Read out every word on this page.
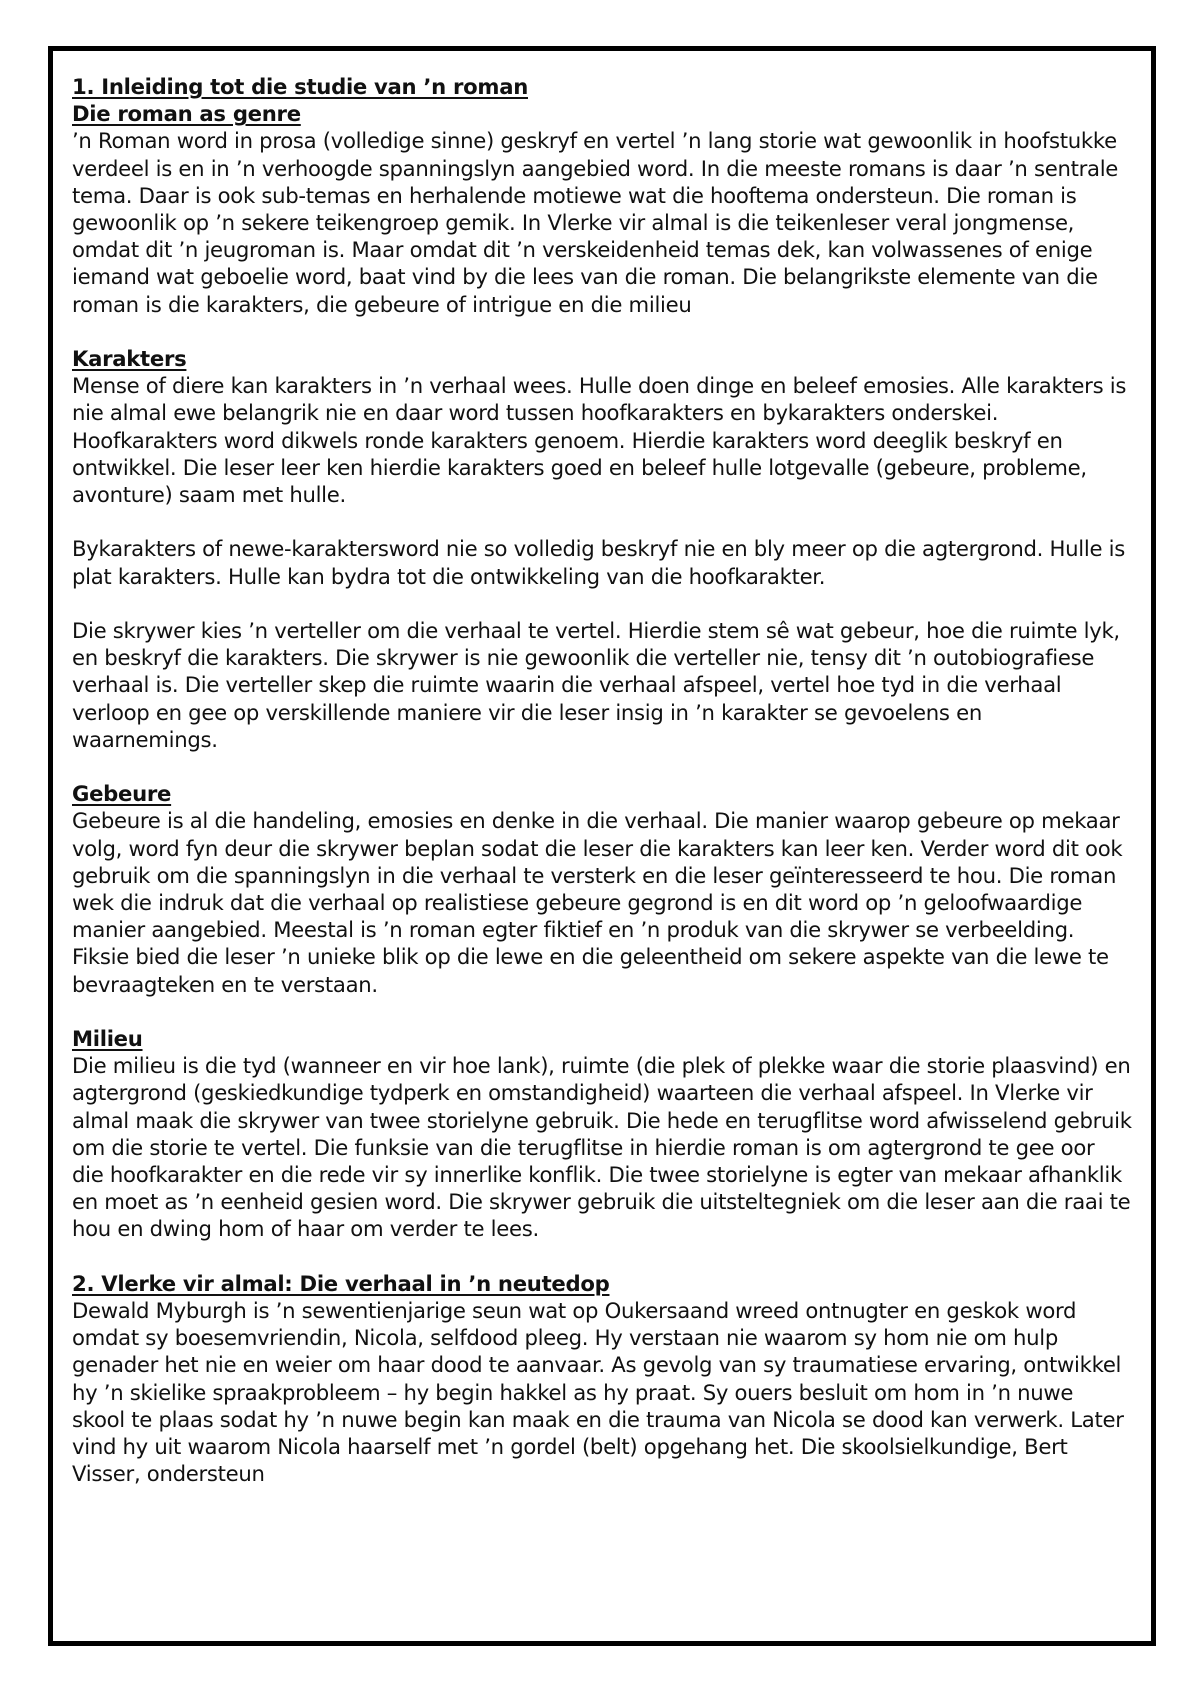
1. Inleiding tot die studie van ’n roman

Die roman as genre

’n Roman word in prosa (volledige sinne) geskryf en vertel ’n lang storie wat gewoonlik in hoofstukke verdeel is en in ’n verhoogde spanningslyn aangebied word. In die meeste romans is daar ’n sentrale tema. Daar is ook sub-temas en herhalende motiewe wat die hooftema ondersteun. Die roman is gewoonlik op ’n sekere teikengroep gemik. In Vlerke vir almal is die teikenleser veral jongmense, omdat dit ’n jeugroman is. Maar omdat dit ’n verskeidenheid temas dek, kan volwassenes of enige iemand wat geboelie word, baat vind by die lees van die roman. Die belangrikste elemente van die roman is die karakters, die gebeure of intrigue en die milieu

Karakters

Mense of diere kan karakters in ’n verhaal wees. Hulle doen dinge en beleef emosies. Alle karakters is nie almal ewe belangrik nie en daar word tussen hoofkarakters en bykarakters onderskei. Hoofkarakters word dikwels ronde karakters genoem. Hierdie karakters word deeglik beskryf en ontwikkel. Die leser leer ken hierdie karakters goed en beleef hulle lotgevalle (gebeure, probleme, avonture) saam met hulle.

Bykarakters of newe-karaktersword nie so volledig beskryf nie en bly meer op die agtergrond. Hulle is plat karakters. Hulle kan bydra tot die ontwikkeling van die hoofkarakter.

Die skrywer kies ’n verteller om die verhaal te vertel. Hierdie stem sê wat gebeur, hoe die ruimte lyk, en beskryf die karakters. Die skrywer is nie gewoonlik die verteller nie, tensy dit ’n outobiografiese verhaal is. Die verteller skep die ruimte waarin die verhaal afspeel, vertel hoe tyd in die verhaal verloop en gee op verskillende maniere vir die leser insig in ’n karakter se gevoelens en waarnemings.

Gebeure

Gebeure is al die handeling, emosies en denke in die verhaal. Die manier waarop gebeure op mekaar volg, word fyn deur die skrywer beplan sodat die leser die karakters kan leer ken. Verder word dit ook gebruik om die spanningslyn in die verhaal te versterk en die leser geïnteresseerd te hou. Die roman wek die indruk dat die verhaal op realistiese gebeure gegrond is en dit word op ’n geloofwaardige manier aangebied. Meestal is ’n roman egter fiktief en ’n produk van die skrywer se verbeelding. Fiksie bied die leser ’n unieke blik op die lewe en die geleentheid om sekere aspekte van die lewe te bevraagteken en te verstaan.

Milieu

Die milieu is die tyd (wanneer en vir hoe lank), ruimte (die plek of plekke waar die storie plaasvind) en agtergrond (geskiedkundige tydperk en omstandigheid) waarteen die verhaal afspeel. In Vlerke vir almal maak die skrywer van twee storielyne gebruik. Die hede en terugflitse word afwisselend gebruik om die storie te vertel. Die funksie van die terugflitse in hierdie roman is om agtergrond te gee oor die hoofkarakter en die rede vir sy innerlike konflik. Die twee storielyne is egter van mekaar afhanklik en moet as ’n eenheid gesien word. Die skrywer gebruik die uitsteltegniek om die leser aan die raai te hou en dwing hom of haar om verder te lees.

2. Vlerke vir almal: Die verhaal in ’n neutedop

Dewald Myburgh is ’n sewentienjarige seun wat op Oukersaand wreed ontnugter en geskok word omdat sy boesemvriendin, Nicola, selfdood pleeg. Hy verstaan nie waarom sy hom nie om hulp genader het nie en weier om haar dood te aanvaar. As gevolg van sy traumatiese ervaring, ontwikkel hy ’n skielike spraakprobleem – hy begin hakkel as hy praat. Sy ouers besluit om hom in ’n nuwe skool te plaas sodat hy ’n nuwe begin kan maak en die trauma van Nicola se dood kan verwerk. Later vind hy uit waarom Nicola haarself met ’n gordel (belt) opgehang het. Die skoolsielkundige, Bert Visser, ondersteun
